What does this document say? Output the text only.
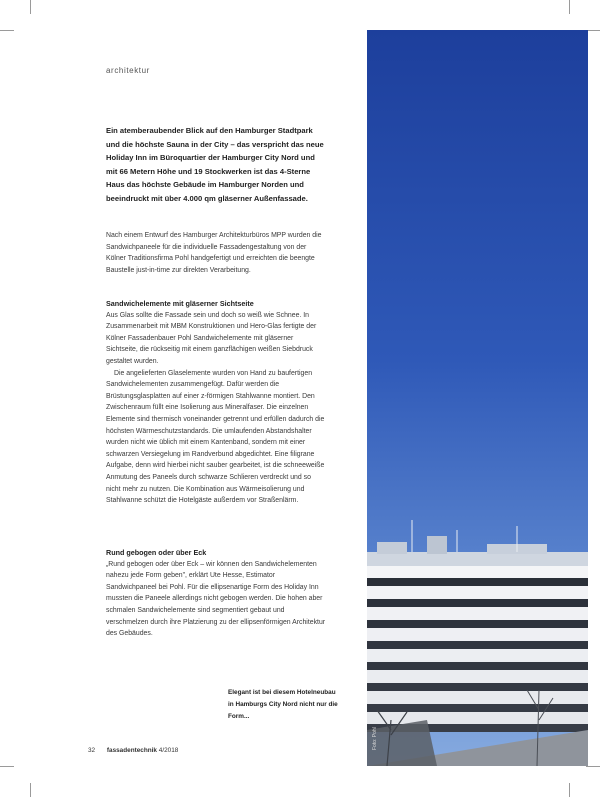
architektur
Ein atemberaubender Blick auf den Hamburger Stadtpark und die höchste Sauna in der City – das verspricht das neue Holiday Inn im Büroquartier der Hamburger City Nord und mit 66 Metern Höhe und 19 Stockwerken ist das 4-Sterne Haus das höchste Gebäude im Hamburger Norden und beeindruckt mit über 4.000 qm gläserner Außenfassade.

Nach einem Entwurf des Hamburger Architekturbüros MPP wurden die Sandwichpaneele für die individuelle Fassadengestaltung von der Kölner Traditionsfirma Pohl handgefertigt und erreichten die beengte Baustelle just-in-time zur direkten Verarbeitung.

Sandwichelemente mit gläserner Sichtseite

Aus Glas sollte die Fassade sein und doch so weiß wie Schnee. In Zusammenarbeit mit MBM Konstruktionen und Hero-Glas fertigte der Kölner Fassadenbauer Pohl Sandwichelemente mit gläserner Sichtseite, die rückseitig mit einem ganzflächigen weißen Siebdruck gestaltet wurden.

Die angelieferten Glaselemente wurden von Hand zu baufertigen Sandwichelementen zusammengefügt. Dafür werden die Brüstungsglasplatten auf einer z-förmigen Stahlwanne montiert. Den Zwischenraum füllt eine Isolierung aus Mineralfaser. Die einzelnen Elemente sind thermisch voneinander getrennt und erfüllen dadurch die höchsten Wärmeschutzstandards. Die umlaufenden Abstandshalter wurden nicht wie üblich mit einem Kantenband, sondern mit einer schwarzen Versiegelung im Randverbund abgedichtet. Eine filigrane Aufgabe, denn wird hierbei nicht sauber gearbeitet, ist die schneeweiße Anmutung des Paneels durch schwarze Schlieren verdreckt und so nicht mehr zu nutzen. Die Kombination aus Wärmeisolierung und Stahlwanne schützt die Hotelgäste außerdem vor Straßenlärm.

Rund gebogen oder über Eck

„Rund gebogen oder über Eck – wir können den Sandwichelementen nahezu jede Form geben", erklärt Ute Hesse, Estimator Sandwichpaneel bei Pohl. Für die ellipsenartige Form des Holiday Inn mussten die Paneele allerdings nicht gebogen werden. Die hohen aber schmalen Sandwichelemente sind segmentiert gebaut und verschmelzen durch ihre Platzierung zu der ellipsenförmigen Architektur des Gebäudes.

Foto: Pohl
Elegant ist bei diesem Hotelneubau in Hamburgs City Nord nicht nur die Form...
32 fassadentechnik 4/2018
